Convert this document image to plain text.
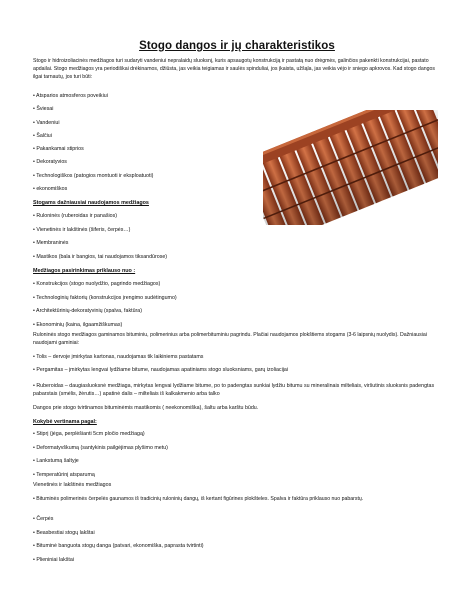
Stogo dangos ir jų charakteristikos

Stogo ir hidroizoliacinės medžiagos turi sudaryti vandeniui nepralaidų sluoksnį, kuris apsaugotų konstrukciją ir pastatą nuo drėgmės, galinčios pakenkti konstrukcijai, pastato apdailai. Stogo medžiagos yra periodiškai drėkinamos, džiūsta, jas veikia teigiamas ir saulės spinduliai, jos įkaista, užšąla, jas veikia vėjo ir sniego apkrovos. Kad stogo dangos ilgai tarnautų, jos turi būti:

• Atsparios atmosferos poveikiui
• Šviesai
• Vandeniui
• Šalčiui
• Pakankamai stiprios
• Dekoratyvios
• Technologiškos (patogios montuoti ir eksploatuoti)
• ekonomiškos
Stogams dažniausiai naudojamos medžiagos
• Ruloninės (ruberoidas ir panašios)
• Vienetinės ir lakštinės (šiferis, čerpės…)
• Membraninės
• Mastikos (bala ir bangios, tai naudojamos tiksandūrose)
Medžiagos pasirinkimas priklauso nuo :
• Konstrukcijos (stogo nuolydžio, pagrindo medžiagos)
• Technologinių faktorių (konstrukcijos įrengimo sudėtingumo)
• Architektūrinių-dekoratyvinių (spalva, faktūra)
• Ekonominių (kaina, ilgaamžiškumas)

Ruloninės stogo medžiagos gaminamos bituminiu, polimerinius arba polimerbituminiu pagrindu. Plačiai naudojamos plokštiems stogams (3-6 laipsnių nuolydis). Dažniausiai naudojami gaminiai:

• Tolis – dervoje įmirkytas kartonas, naudojamas tik laikiniems pastatams
• Pergamitas – įmirkytas lengvai lydžiame bitume, naudojamas apatiniams stogo sluoksniams, garų izoliacijai
• Ruberoidas – daugiasluoksnė medžiaga, mirkytas lengvai lydžiame bitume, po to padengtas sunkiai lydžiu bitumu su mineralinais milteliais, viršutinis sluoksnis padengtas pabarstais (smėlis, žėrutis…) apatinė dalis – milteliais iš kalkakmenio arba talko

Dangos prie stogo tvirtinamos bituminėmis mastikomis ( neekonomiška), šaltu arba karštu būdu.

Kokybė vertinama pagal:
• Stiprį (jėga, perplėšianti 5cm pločio medžiagą)
• Deformatyvškumą (santykinis pailgėjimas plyšimo metu)
• Lankstumą šaltyje
• Temperatūrinį atsparumą

Vienetinės ir lakštinės medžiagos

• Bituminės polimerinės čerpelės gaunamos iš tradicinių ruloninių dangų, iš kertant figūrines plokšteles. Spalva ir faktūra priklauso nuo pabarstų.

• Čerpės
• Beasbestiai stogų lakštai
• Bituminė banguota stogų danga (patvari, ekonomiška, paprasta tvirtinti)
• Plieniniai lakštai
